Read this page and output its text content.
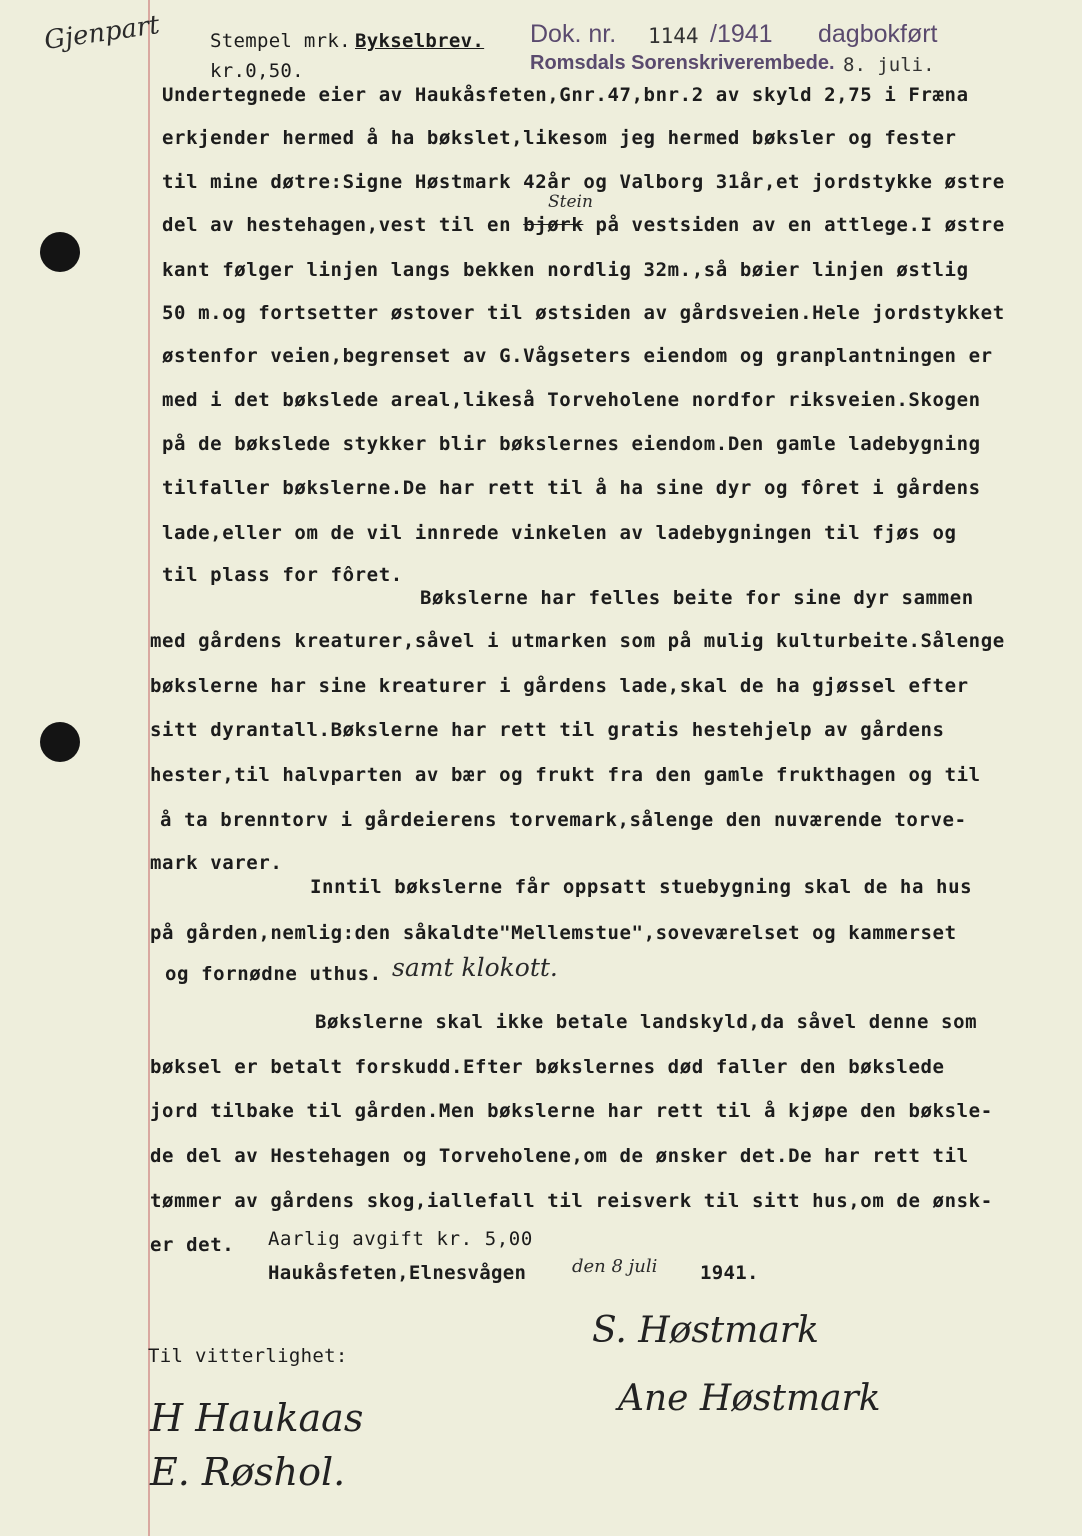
Gjenpart	Stempel mrk. Bykselbrev.
kr.0,50.
Dok. nr. 1144 /1941 dagbokført
Romsdals Sorenskriverembede. 8. juli.
Undertegnede eier av Haukåsfeten,Gnr.47,bnr.2 av skyld 2,75 i Fræna
erkjender hermed å ha bøkslet,likesom jeg hermed bøksler og fester
til mine døtre:Signe Høstmark 42år og Valborg 31år,et jordstykke østre
del av hestehagen,vest til en bjørk på vestsiden av en attlege.I østre
Stein
kant følger linjen langs bekken nordlig 32m.,så bøier linjen østlig
50 m.og fortsetter østover til østsiden av gårdsveien.Hele jordstykket
østenfor veien,begrenset av G.Vågseters eiendom og granplantningen er
med i det bøkslede areal,likeså Torveholene nordfor riksveien.Skogen
på de bøkslede stykker blir bøkslernes eiendom.Den gamle ladebygning
tilfaller bøkslerne.De har rett til å ha sine dyr og fôret i gårdens
lade,eller om de vil innrede vinkelen av ladebygningen til fjøs og
til plass for fôret.
Bøkslerne har felles beite for sine dyr sammen
med gårdens kreaturer,såvel i utmarken som på mulig kulturbeite.Sålenge
bøkslerne har sine kreaturer i gårdens lade,skal de ha gjøssel efter
sitt dyrantall.Bøkslerne har rett til gratis hestehjelp av gårdens
hester,til halvparten av bær og frukt fra den gamle frukthagen og til
å ta brenntorv i gårdeierens torvemark,sålenge den nuværende torve-
mark varer.
Inntil bøkslerne får oppsatt stuebygning skal de ha hus
på gården,nemlig:den såkaldte"Mellemstue",soveværelset og kammerset
og fornødne uthus. samt klokott.
Bøkslerne skal ikke betale landskyld,da såvel denne som
bøksel er betalt forskudd.Efter bøkslernes død faller den bøkslede
jord tilbake til gården.Men bøkslerne har rett til å kjøpe den bøksle-
de del av Hestehagen og Torveholene,om de ønsker det.De har rett til
tømmer av gårdens skog,iallefall til reisverk til sitt hus,om de ønsk-
er det. Aarlig avgift kr. 5,00
Haukåsfeten,Elnesvågen	den 8 juli 1941.
Til vitterlighet:
S. Høstmark
Ane Høstmark
H Haukaas
E. Røshol.
